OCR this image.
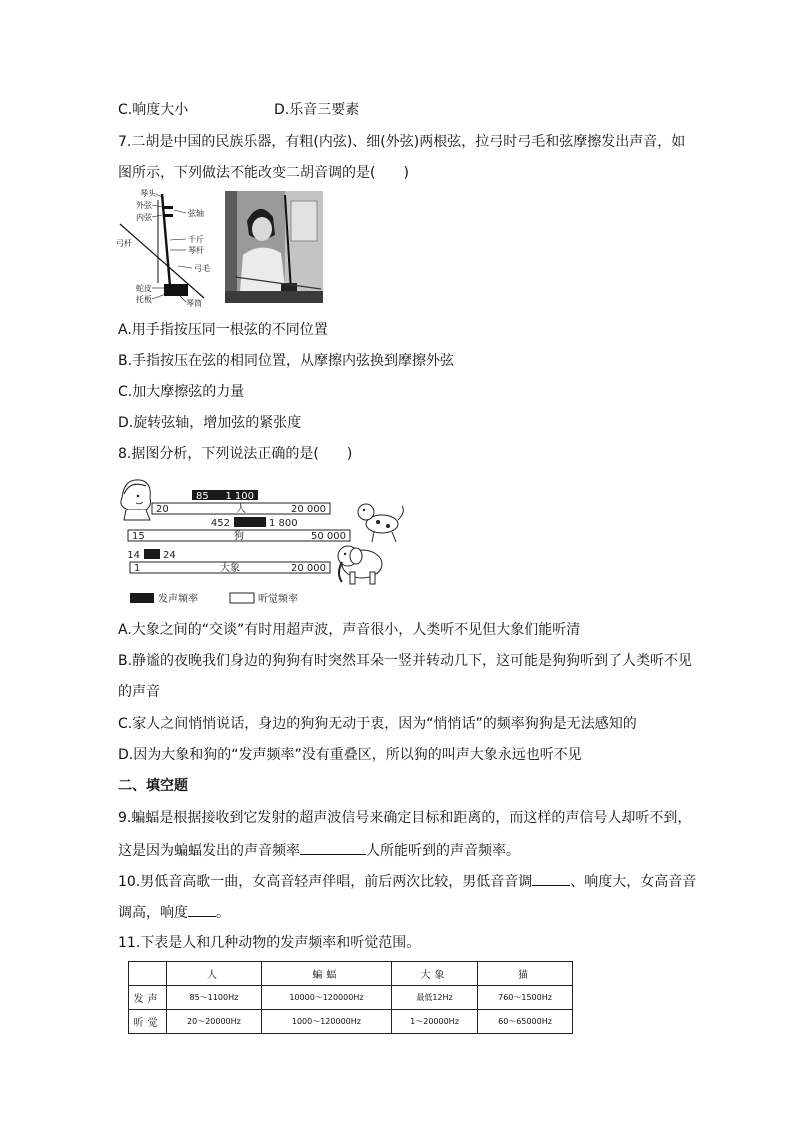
C.响度大小	D.乐音三要素
7.二胡是中国的民族乐器，有粗(内弦)、细(外弦)两根弦，拉弓时弓毛和弦摩擦发出声音，如
图所示，下列做法不能改变二胡音调的是(　　)
琴头
外弦
内弦	弦轴
弓杆	千斤
琴杆
弓毛
蛇皮
托板	琴筒
A.用手指按压同一根弦的不同位置
B.手指按压在弦的相同位置，从摩擦内弦换到摩擦外弦
C.加大摩擦弦的力量
D.旋转弦轴，增加弦的紧张度
8.据图分析，下列说法正确的是(　　)
20	20 000
人
85 1 100
15	50 000
狗
452	1 800
1	20 000
大象
14 24
发声频率	听觉频率
A.大象之间的“交谈”有时用超声波，声音很小，人类听不见但大象们能听清
B.静谧的夜晚我们身边的狗狗有时突然耳朵一竖并转动几下，这可能是狗狗听到了人类听不见
的声音
C.家人之间悄悄说话，身边的狗狗无动于衷，因为“悄悄话”的频率狗狗是无法感知的
D.因为大象和狗的“发声频率”没有重叠区，所以狗的叫声大象永远也听不见
二、填空题
9.蝙蝠是根据接收到它发射的超声波信号来确定目标和距离的，而这样的声信号人却听不到，
这是因为蝙蝠发出的声音频率	人所能听到的声音频率。
10.男低音高歌一曲，女高音轻声伴唱，前后两次比较，男低音音调	、响度大，女高音音
调高，响度 。
11.下表是人和几种动物的发声频率和听觉范围。
	人	蝙蝠	大象	猫
发声	85～1100Hz	10000～120000Hz	最低12Hz	760～1500Hz
听觉	20～20000Hz	1000～120000Hz	1～20000Hz	60～65000Hz
